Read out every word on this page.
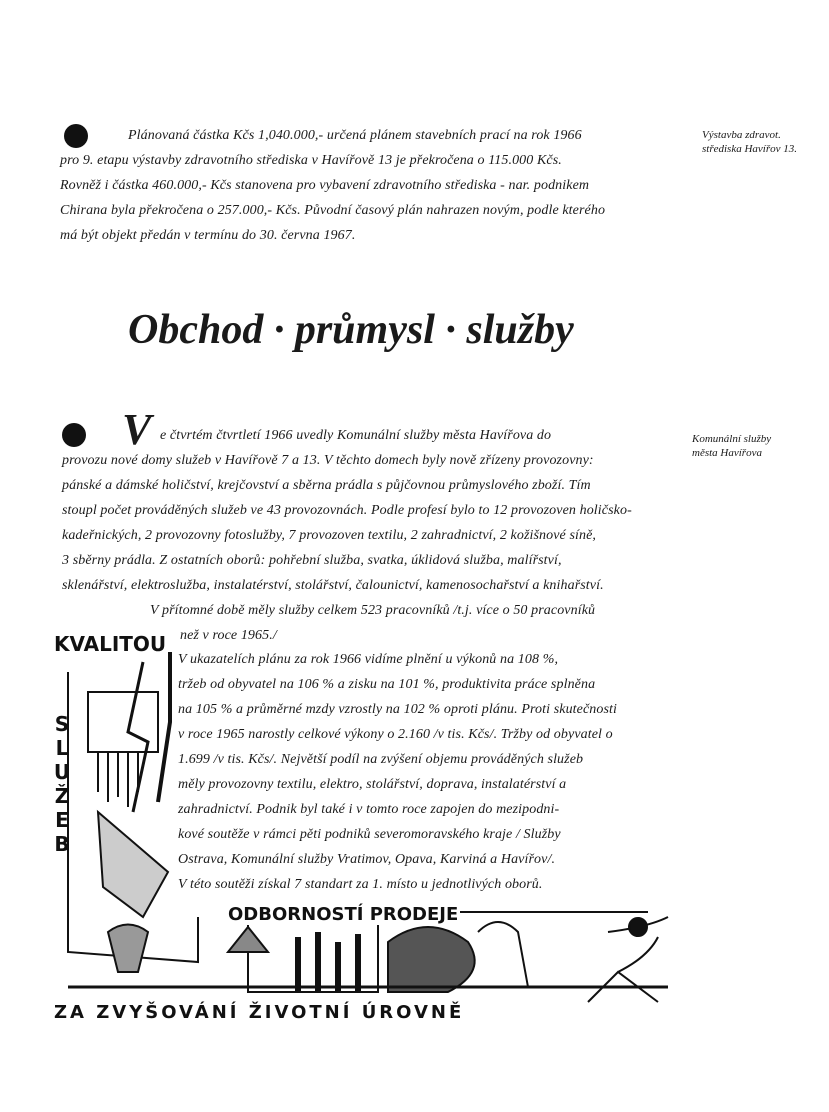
Plánovaná částka Kčs 1,040.000,- určená plánem stavebních prací na rok 1966
pro 9. etapu výstavby zdravotního střediska v Havířově 13 je překročena o 115.000 Kčs.
Rovněž i částka 460.000,- Kčs stanovena pro vybavení zdravotního střediska - nar. podnikem
Chirana byla překročena o 257.000,- Kčs. Původní časový plán nahrazen novým, podle kterého
má být objekt předán v termínu do 30. června 1967.
Výstavba zdravot.
střediska Havířov 13.
Obchod · průmysl · služby
V e čtvrtém čtvrtletí 1966 uvedly Komunální služby města Havířova do
provozu nové domy služeb v Havířově 7 a 13. V těchto domech byly nově zřízeny provozovny:
pánské a dámské holičství, krejčovství a sběrna prádla s půjčovnou průmyslového zboží. Tím
stoupl počet prováděných služeb ve 43 provozovnách. Podle profesí bylo to 12 provozoven holičsko-
kadeřnických, 2 provozovny fotoslužby, 7 provozoven textilu, 2 zahradnictví, 2 kožišnové síně,
3 sběrny prádla. Z ostatních oborů: pohřební služba, svatka, úklidová služba, malířství,
sklenářství, elektroslužba, instalatérství, stolářství, čalounictví, kamenosochařství a knihařství.
V přítomné době měly služby celkem 523 pracovníků /t.j. více o 50 pracovníků
než v roce 1965./
Komunální služby
města Havířova
V ukazatelích plánu za rok 1966 vidíme plnění u výkonů na 108 %,
tržeb od obyvatel na 106 % a zisku na 101 %, produktivita práce splněna
na 105 % a průměrné mzdy vzrostly na 102 % oproti plánu. Proti skutečnosti
v roce 1965 narostly celkové výkony o 2.160 /v tis. Kčs/. Tržby od obyvatel o
1.699 /v tis. Kčs/. Největší podíl na zvýšení objemu prováděných služeb
měly provozovny textilu, elektro, stolářství, doprava, instalatérství a
zahradnictví. Podnik byl také i v tomto roce zapojen do mezipodni-
kové soutěže v rámci pěti podniků severomoravského kraje / Služby
Ostrava, Komunální služby Vratimov, Opava, Karviná a Havířov/.
V této soutěži získal 7 standart za 1. místo u jednotlivých oborů.
KVALITOU
SLUŽEB
ODBORNOSTÍ PRODEJE
ZA ZVYŠOVÁNÍ ŽIVOTNÍ ÚROVNĚ
